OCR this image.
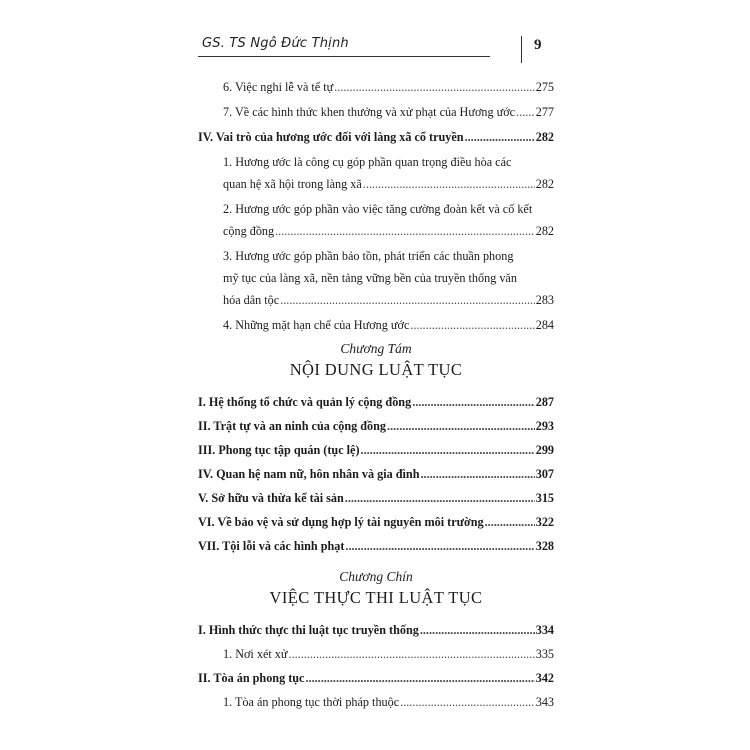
GS. TS Ngô Đức Thịnh	9
6. Việc nghi lễ và tế tự .....	275
7. Về các hình thức khen thưởng và xử phạt của Hương ước ..... 277
IV. Vai trò của hương ước đối với làng xã cổ truyền .....	282
1. Hương ước là công cụ góp phần quan trọng điều hòa các
quan hệ xã hội trong làng xã .....	282
2. Hương ước góp phần vào việc tăng cường đoàn kết và cố kết
cộng đồng .....	282
3. Hương ước góp phần bảo tồn, phát triển các thuần phong
mỹ tục của làng xã, nền tảng vững bền của truyền thống văn
hóa dân tộc .....	283
4. Những mặt hạn chế của Hương ước .....	284
Chương Tám
NỘI DUNG LUẬT TỤC
I. Hệ thống tổ chức và quản lý cộng đồng .....	287
II. Trật tự và an ninh của cộng đồng .....	293
III. Phong tục tập quán (tục lệ) .....	299
IV. Quan hệ nam nữ, hôn nhân và gia đình .....	307
V. Sở hữu và thừa kế tài sản .....	315
VI. Về bảo vệ và sử dụng hợp lý tài nguyên môi trường .....	322
VII. Tội lỗi và các hình phạt .....	328
Chương Chín
VIỆC THỰC THI LUẬT TỤC
I. Hình thức thực thi luật tục truyền thống .....	334
1. Nơi xét xử .....	335
II. Tòa án phong tục .....	342
1. Tòa án phong tục thời pháp thuộc .....	343
